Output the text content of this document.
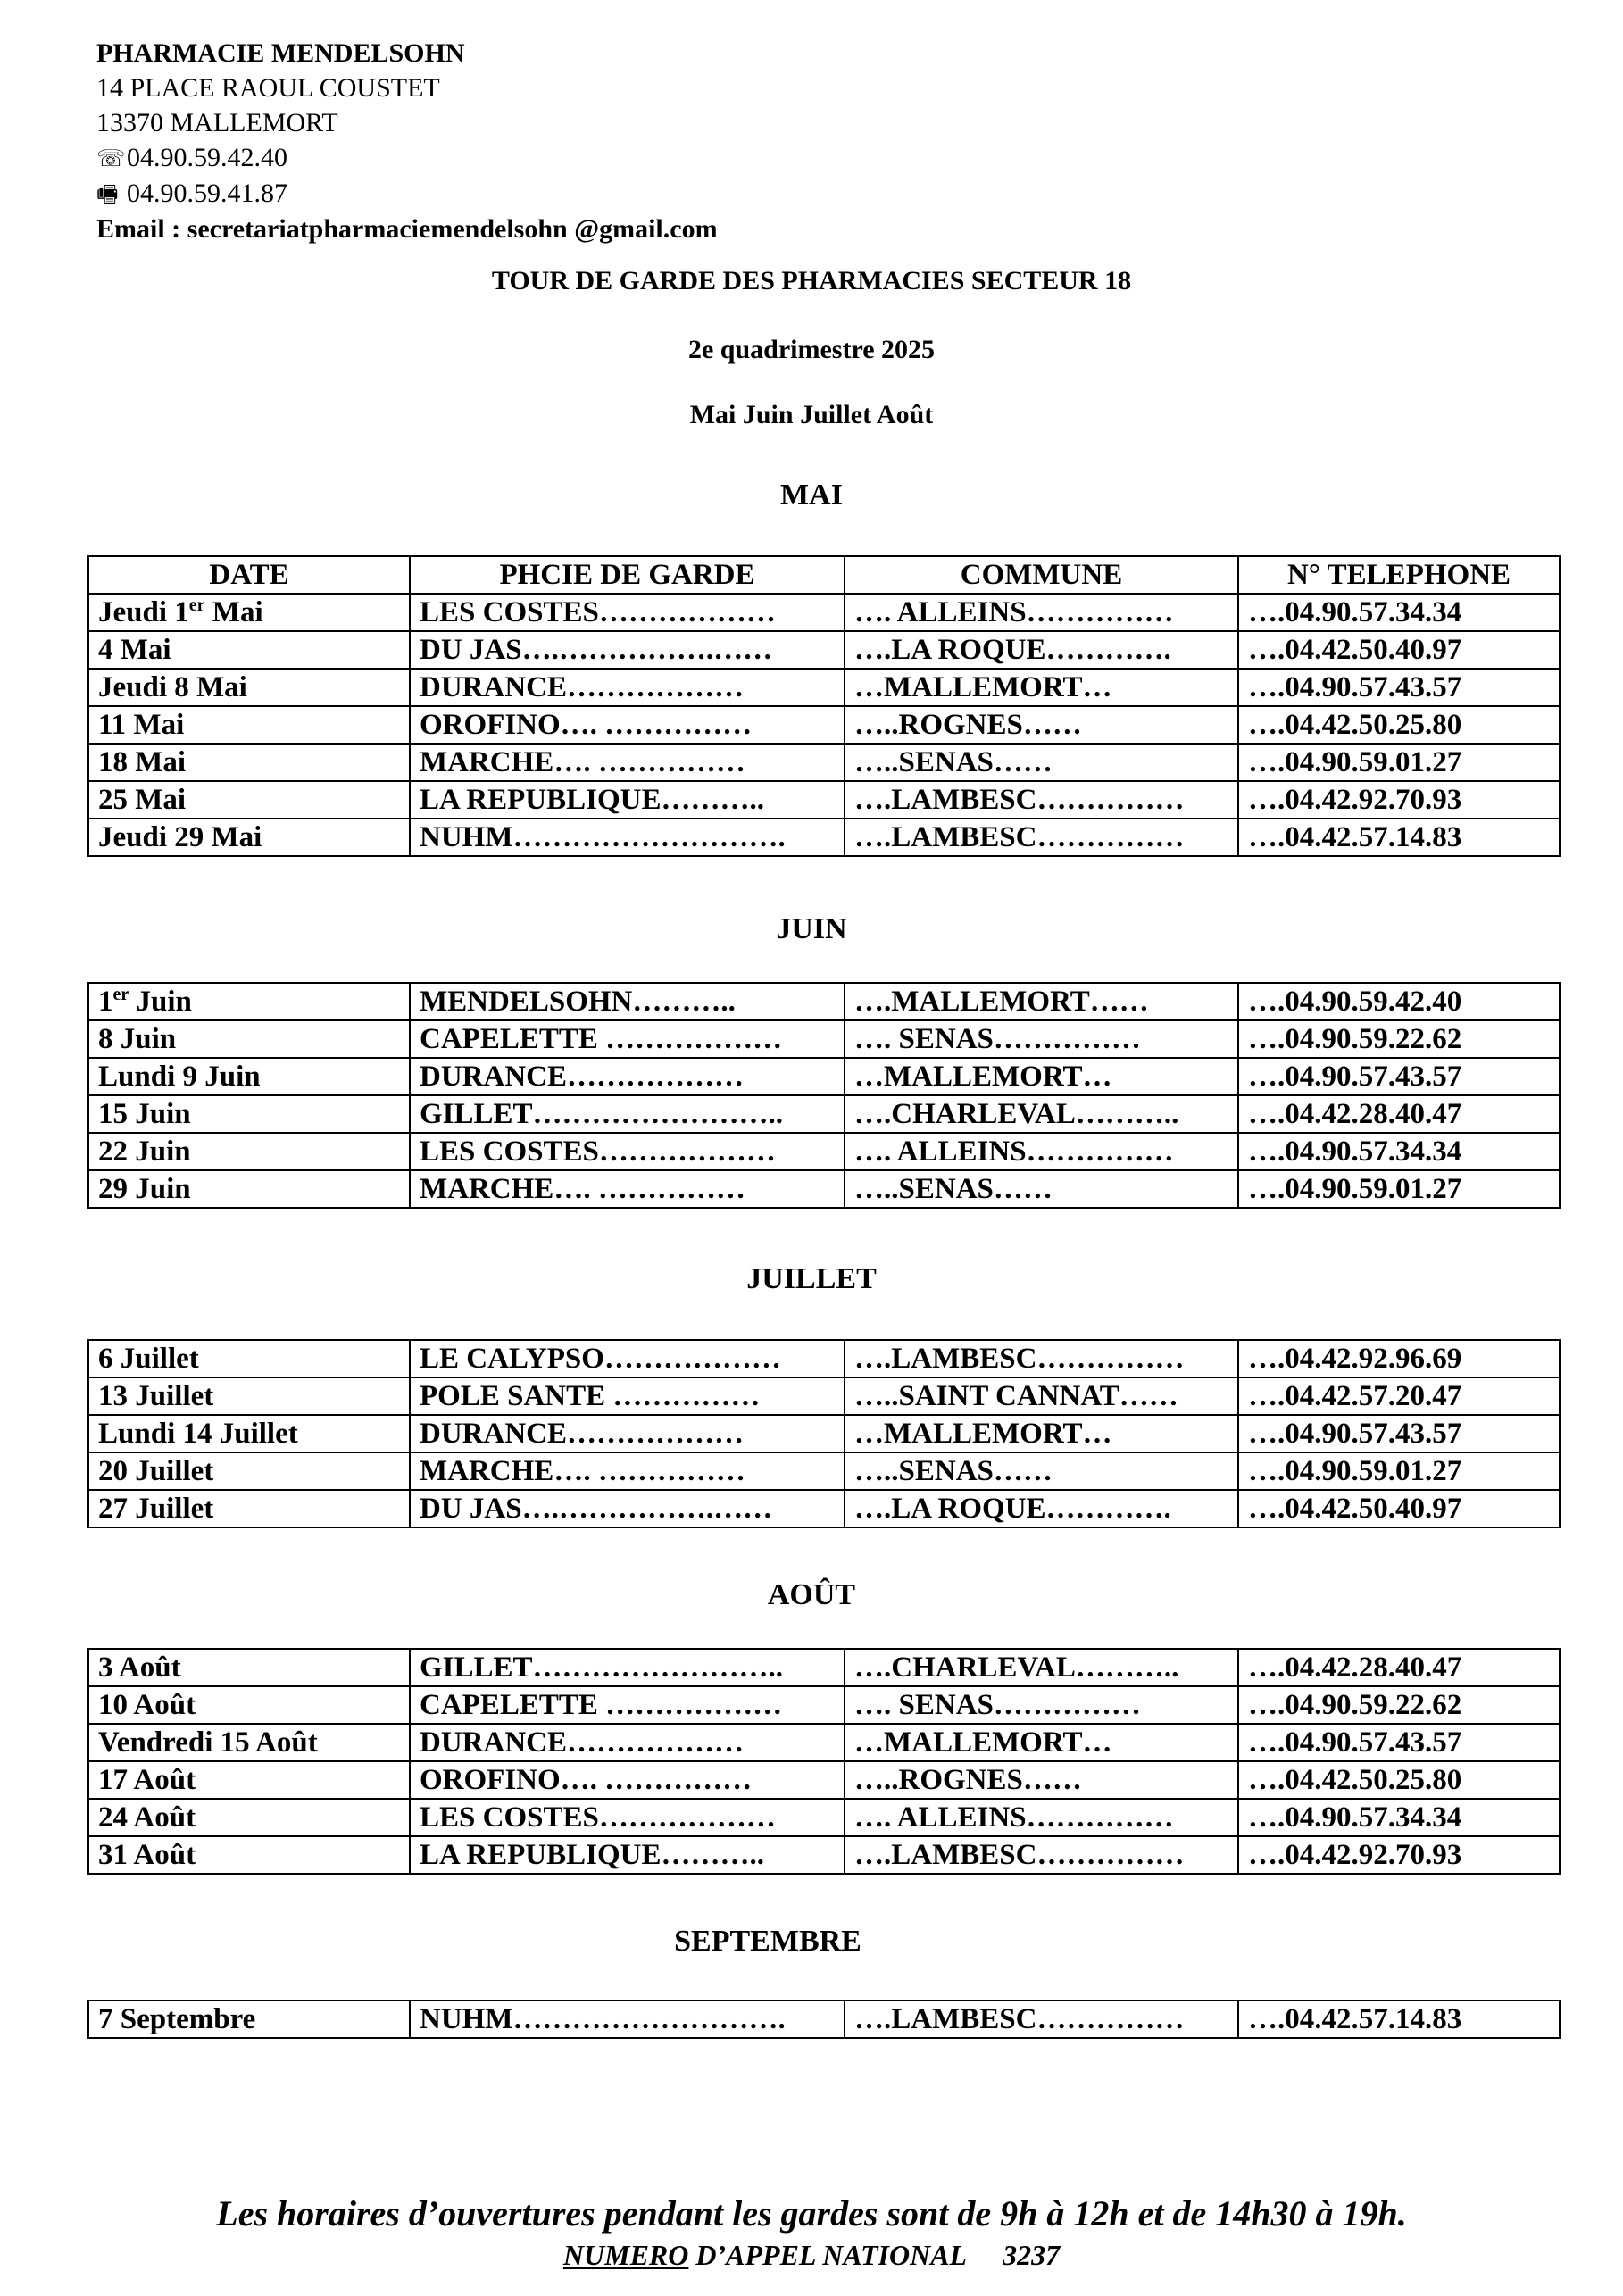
PHARMACIE MENDELSOHN
14 PLACE RAOUL COUSTET
13370 MALLEMORT
☏04.90.59.42.40
🖷 04.90.59.41.87
Email : secretariatpharmaciemendelsohn @gmail.com
TOUR DE GARDE DES PHARMACIES SECTEUR 18
2e quadrimestre 2025
Mai Juin Juillet Août
MAI
DATE	PHCIE DE GARDE	COMMUNE	N° TELEPHONE
Jeudi 1er Mai	LES COSTES………………	…. ALLEINS……………	….04.90.57.34.34
4 Mai	DU JAS….…………….……	….LA ROQUE………….	….04.42.50.40.97
Jeudi 8 Mai	DURANCE………………	…MALLEMORT…	….04.90.57.43.57
11 Mai	OROFINO…. ……………	…..ROGNES……	….04.42.50.25.80
18 Mai	MARCHE…. ……………	…..SENAS……	….04.90.59.01.27
25 Mai	LA REPUBLIQUE………..	….LAMBESC……………	….04.42.92.70.93
Jeudi 29 Mai	NUHM……………………….	….LAMBESC……………	….04.42.57.14.83
JUIN
1er Juin	MENDELSOHN………..	….MALLEMORT……	….04.90.59.42.40
8 Juin	CAPELETTE ………………	…. SENAS……………	….04.90.59.22.62
Lundi 9 Juin	DURANCE………………	…MALLEMORT…	….04.90.57.43.57
15 Juin	GILLET……………………..	….CHARLEVAL………..	….04.42.28.40.47
22 Juin	LES COSTES………………	…. ALLEINS……………	….04.90.57.34.34
29 Juin	MARCHE…. ……………	…..SENAS……	….04.90.59.01.27
JUILLET
6 Juillet	LE CALYPSO………………	….LAMBESC……………	….04.42.92.96.69
13 Juillet	POLE SANTE ……………	…..SAINT CANNAT……	….04.42.57.20.47
Lundi 14 Juillet	DURANCE………………	…MALLEMORT…	….04.90.57.43.57
20 Juillet	MARCHE…. ……………	…..SENAS……	….04.90.59.01.27
27 Juillet	DU JAS….…………….……	….LA ROQUE………….	….04.42.50.40.97
AOÛT
3 Août	GILLET……………………..	….CHARLEVAL………..	….04.42.28.40.47
10 Août	CAPELETTE ………………	…. SENAS……………	….04.90.59.22.62
Vendredi 15 Août	DURANCE………………	…MALLEMORT…	….04.90.57.43.57
17 Août	OROFINO…. ……………	…..ROGNES……	….04.42.50.25.80
24 Août	LES COSTES………………	…. ALLEINS……………	….04.90.57.34.34
31 Août	LA REPUBLIQUE………..	….LAMBESC……………	….04.42.92.70.93
SEPTEMBRE
7 Septembre	NUHM……………………….	….LAMBESC……………	….04.42.57.14.83
Les horaires d’ouvertures pendant les gardes sont de 9h à 12h et de 14h30 à 19h.
NUMERO D’APPEL NATIONAL 3237
